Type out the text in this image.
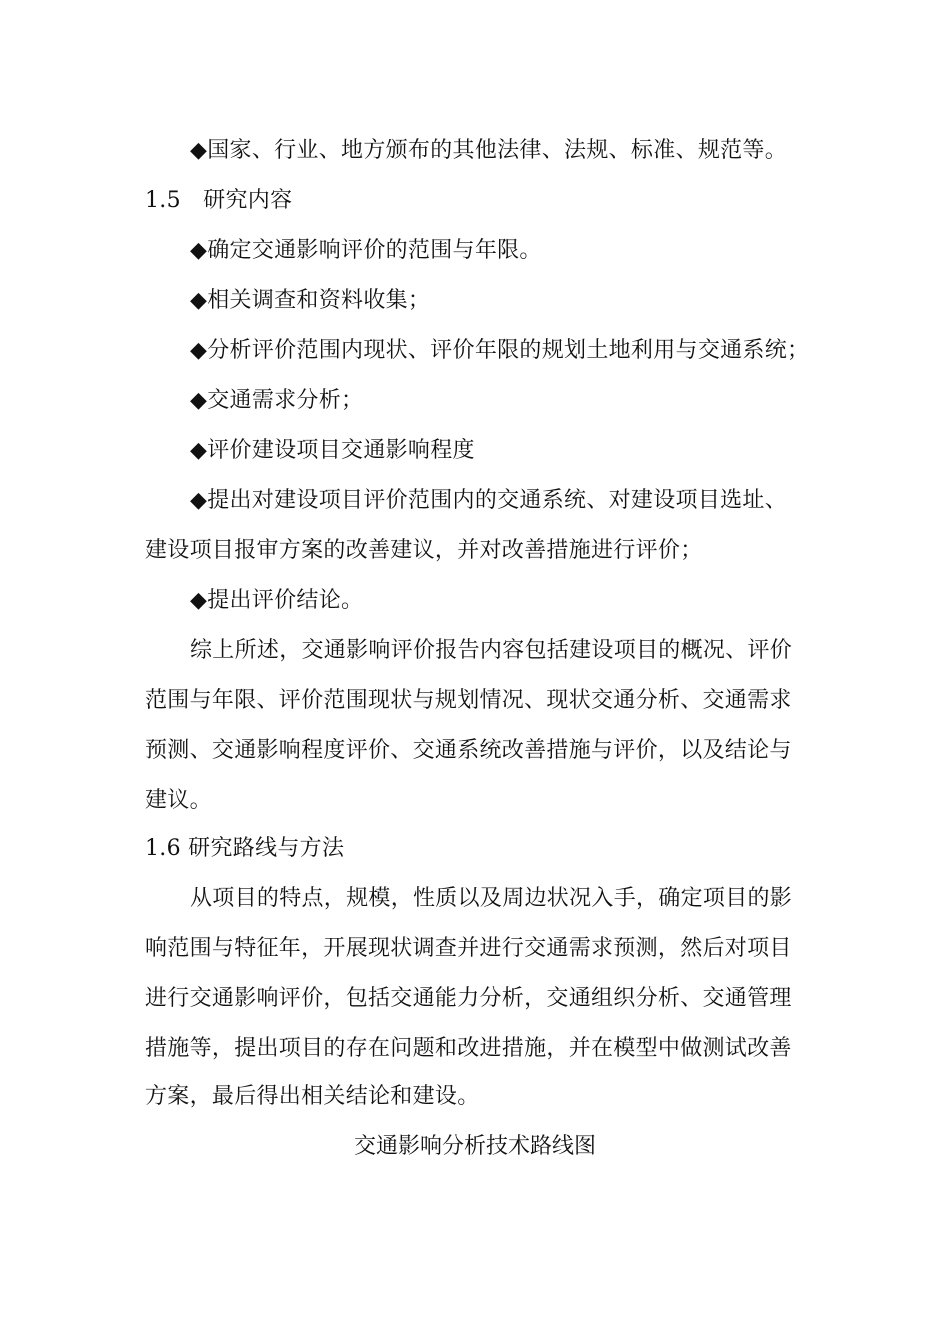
◆国家、行业、地方颁布的其他法律、法规、标准、规范等。
1.5　研究内容
◆确定交通影响评价的范围与年限。
◆相关调查和资料收集；
◆分析评价范围内现状、评价年限的规划土地利用与交通系统；
◆交通需求分析；
◆评价建设项目交通影响程度
◆提出对建设项目评价范围内的交通系统、对建设项目选址、
建设项目报审方案的改善建议，并对改善措施进行评价；
◆提出评价结论。
综上所述，交通影响评价报告内容包括建设项目的概况、评价
范围与年限、评价范围现状与规划情况、现状交通分析、交通需求
预测、交通影响程度评价、交通系统改善措施与评价，以及结论与
建议。
1.6 研究路线与方法
从项目的特点，规模，性质以及周边状况入手，确定项目的影
响范围与特征年，开展现状调查并进行交通需求预测，然后对项目
进行交通影响评价，包括交通能力分析，交通组织分析、交通管理
措施等，提出项目的存在问题和改进措施，并在模型中做测试改善
方案，最后得出相关结论和建设。
交通影响分析技术路线图
